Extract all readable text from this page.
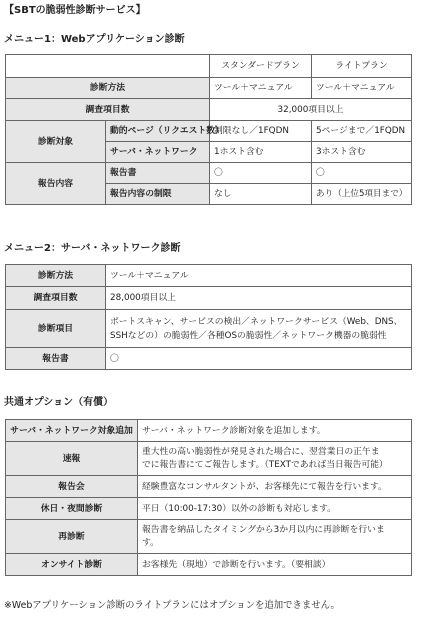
【SBTの脆弱性診断サービス】
メニュー1：Webアプリケーション診断
		スタンダードプラン	ライトプラン
診断方法		ツール＋マニュアル	ツール＋マニュアル
調査項目数		32,000項目以上	
診断対象	動的ページ（リクエスト数）	制限なし／1FQDN	5ページまで／1FQDN
	サーバ・ネットワーク	1ホスト含む	3ホスト含む
報告内容	報告書	〇	〇
	報告内容の制限	なし	あり（上位5項目まで）
メニュー2：サーバ・ネットワーク診断
診断方法	ツール＋マニュアル
調査項目数	28,000項目以上
診断項目	ポートスキャン、サービスの検出／ネットワークサービス（Web、DNS、
SSHなどの）の脆弱性／各種OSの脆弱性／ネットワーク機器の脆弱性

報告書	〇
共通オプション（有償）
サーバ・ネットワーク対象追加	サーバ・ネットワーク診断対象を追加します。
速報	重大性の高い脆弱性が発見された場合に、翌営業日の正午ま
でに報告書にてご報告します。（TEXTであれば当日報告可能）

報告会	経験豊富なコンサルタントが、お客様先にて報告を行います。
休日・夜間診断	平日（10:00-17:30）以外の診断も対応します。
再診断	報告書を納品したタイミングから3か月以内に再診断を行いま
す。

オンサイト診断	お客様先（現地）で診断を行います。（要相談）
※Webアプリケーション診断のライトプランにはオプションを追加できません。
